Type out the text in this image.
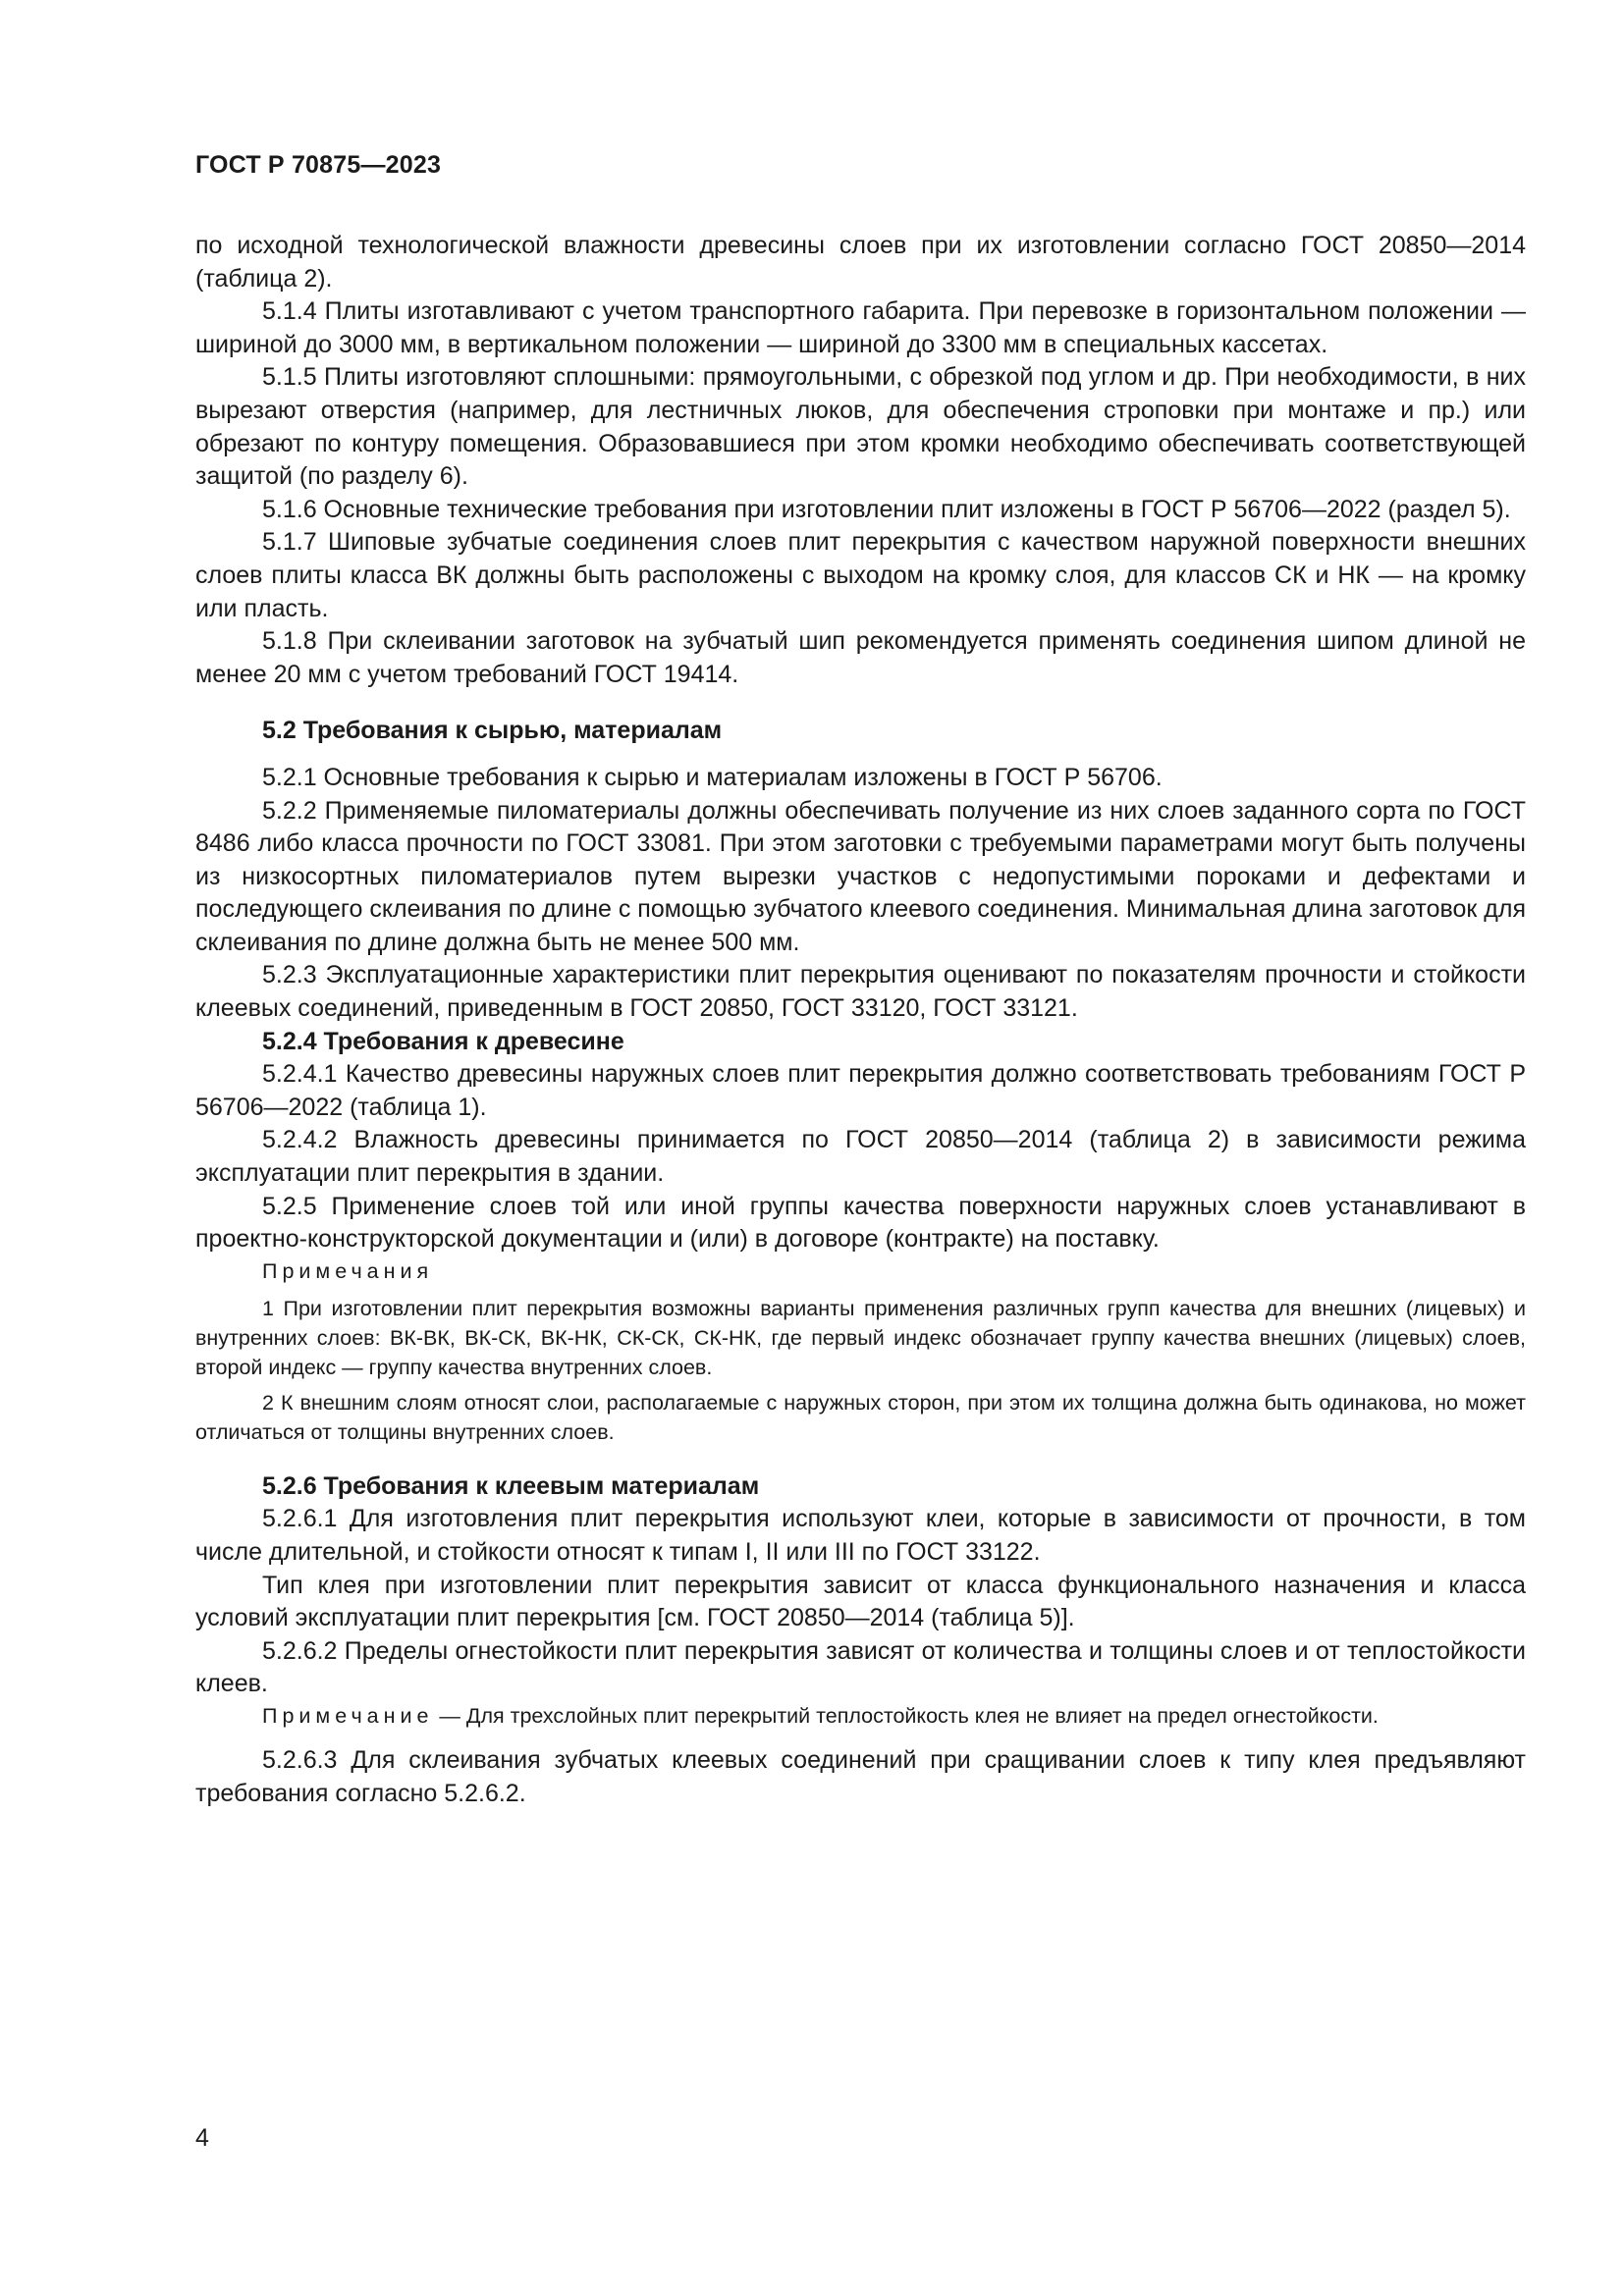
ГОСТ Р 70875—2023

по исходной технологической влажности древесины слоев при их изготовлении согласно ГОСТ 20850—2014 (таблица 2).

5.1.4 Плиты изготавливают с учетом транспортного габарита. При перевозке в горизонтальном положении — шириной до 3000 мм, в вертикальном положении — шириной до 3300 мм в специальных кассетах.

5.1.5 Плиты изготовляют сплошными: прямоугольными, с обрезкой под углом и др. При необходимости, в них вырезают отверстия (например, для лестничных люков, для обеспечения строповки при монтаже и пр.) или обрезают по контуру помещения. Образовавшиеся при этом кромки необходимо обеспечивать соответствующей защитой (по разделу 6).

5.1.6 Основные технические требования при изготовлении плит изложены в ГОСТ Р 56706—2022 (раздел 5).

5.1.7 Шиповые зубчатые соединения слоев плит перекрытия с качеством наружной поверхности внешних слоев плиты класса ВК должны быть расположены с выходом на кромку слоя, для классов СК и НК — на кромку или пласть.

5.1.8 При склеивании заготовок на зубчатый шип рекомендуется применять соединения шипом длиной не менее 20 мм с учетом требований ГОСТ 19414.

5.2 Требования к сырью, материалам

5.2.1 Основные требования к сырью и материалам изложены в ГОСТ Р 56706.

5.2.2 Применяемые пиломатериалы должны обеспечивать получение из них слоев заданного сорта по ГОСТ 8486 либо класса прочности по ГОСТ 33081. При этом заготовки с требуемыми параметрами могут быть получены из низкосортных пиломатериалов путем вырезки участков с недопустимыми пороками и дефектами и последующего склеивания по длине с помощью зубчатого клеевого соединения. Минимальная длина заготовок для склеивания по длине должна быть не менее 500 мм.

5.2.3 Эксплуатационные характеристики плит перекрытия оценивают по показателям прочности и стойкости клеевых соединений, приведенным в ГОСТ 20850, ГОСТ 33120, ГОСТ 33121.

5.2.4 Требования к древесине

5.2.4.1 Качество древесины наружных слоев плит перекрытия должно соответствовать требованиям ГОСТ Р 56706—2022 (таблица 1).

5.2.4.2 Влажность древесины принимается по ГОСТ 20850—2014 (таблица 2) в зависимости режима эксплуатации плит перекрытия в здании.

5.2.5 Применение слоев той или иной группы качества поверхности наружных слоев устанавливают в проектно-конструкторской документации и (или) в договоре (контракте) на поставку.

Примечания

1 При изготовлении плит перекрытия возможны варианты применения различных групп качества для внешних (лицевых) и внутренних слоев: ВК-ВК, ВК-СК, ВК-НК, СК-СК, СК-НК, где первый индекс обозначает группу качества внешних (лицевых) слоев, второй индекс — группу качества внутренних слоев.

2 К внешним слоям относят слои, располагаемые с наружных сторон, при этом их толщина должна быть одинакова, но может отличаться от толщины внутренних слоев.

5.2.6 Требования к клеевым материалам

5.2.6.1 Для изготовления плит перекрытия используют клеи, которые в зависимости от прочности, в том числе длительной, и стойкости относят к типам I, II или III по ГОСТ 33122.

Тип клея при изготовлении плит перекрытия зависит от класса функционального назначения и класса условий эксплуатации плит перекрытия [см. ГОСТ 20850—2014 (таблица 5)].

5.2.6.2 Пределы огнестойкости плит перекрытия зависят от количества и толщины слоев и от теплостойкости клеев.

Примечание — Для трехслойных плит перекрытий теплостойкость клея не влияет на предел огнестойкости.

5.2.6.3 Для склеивания зубчатых клеевых соединений при сращивании слоев к типу клея предъявляют требования согласно 5.2.6.2.

4
